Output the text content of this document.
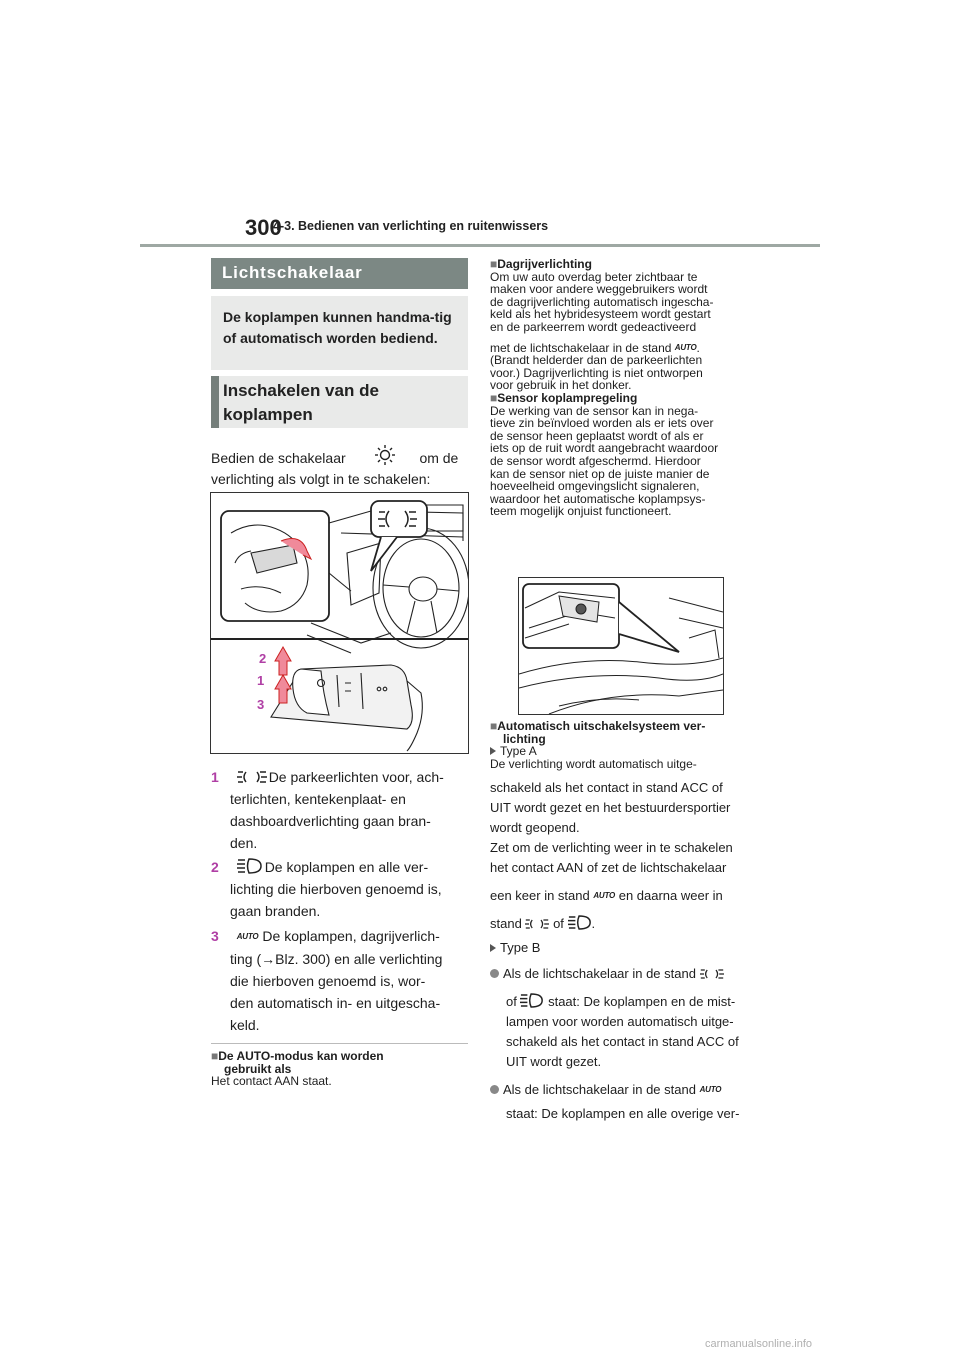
300
4-3. Bedienen van verlichting en ruitenwissers
Lichtschakelaar
De koplampen kunnen handma-tig of automatisch worden bediend.
Inschakelen van de koplampen
Bedien de schakelaar	om de
verlichting als volgt in te schakelen:
2
1
3
1	De parkeerlichten voor, ach-
terlichten, kentekenplaat- en
dashboardverlichting gaan bran-
den.
2	De koplampen en alle ver-
lichting die hierboven genoemd is,
gaan branden.
3 AUTO De koplampen, dagrijverlich-
ting (→Blz. 300) en alle verlichting
die hierboven genoemd is, wor-
den automatisch in- en uitgescha-
keld.
■De AUTO-modus kan worden
gebruikt als
Het contact AAN staat.
■Dagrijverlichting
Om uw auto overdag beter zichtbaar te
maken voor andere weggebruikers wordt
de dagrijverlichting automatisch ingescha-
keld als het hybridesysteem wordt gestart
en de parkeerrem wordt gedeactiveerd
met de lichtschakelaar in de stand AUTO.
(Brandt helderder dan de parkeerlichten
voor.) Dagrijverlichting is niet ontworpen
voor gebruik in het donker.
■Sensor koplampregeling
De werking van de sensor kan in nega-
tieve zin beïnvloed worden als er iets over
de sensor heen geplaatst wordt of als er
iets op de ruit wordt aangebracht waardoor
de sensor wordt afgeschermd. Hierdoor
kan de sensor niet op de juiste manier de
hoeveelheid omgevingslicht signaleren,
waardoor het automatische koplampsys-
teem mogelijk onjuist functioneert.
■Automatisch uitschakelsysteem ver-
lichting
Type A
De verlichting wordt automatisch uitge-
schakeld als het contact in stand ACC of
UIT wordt gezet en het bestuurdersportier
wordt geopend.
Zet om de verlichting weer in te schakelen
het contact AAN of zet de lichtschakelaar
een keer in stand AUTO en daarna weer in
stand of .
Type B
Als de lichtschakelaar in de stand
of staat: De koplampen en de mist-
lampen voor worden automatisch uitge-
schakeld als het contact in stand ACC of
UIT wordt gezet.
Als de lichtschakelaar in de stand AUTO
staat: De koplampen en alle overige ver-
carmanualsonline.info
